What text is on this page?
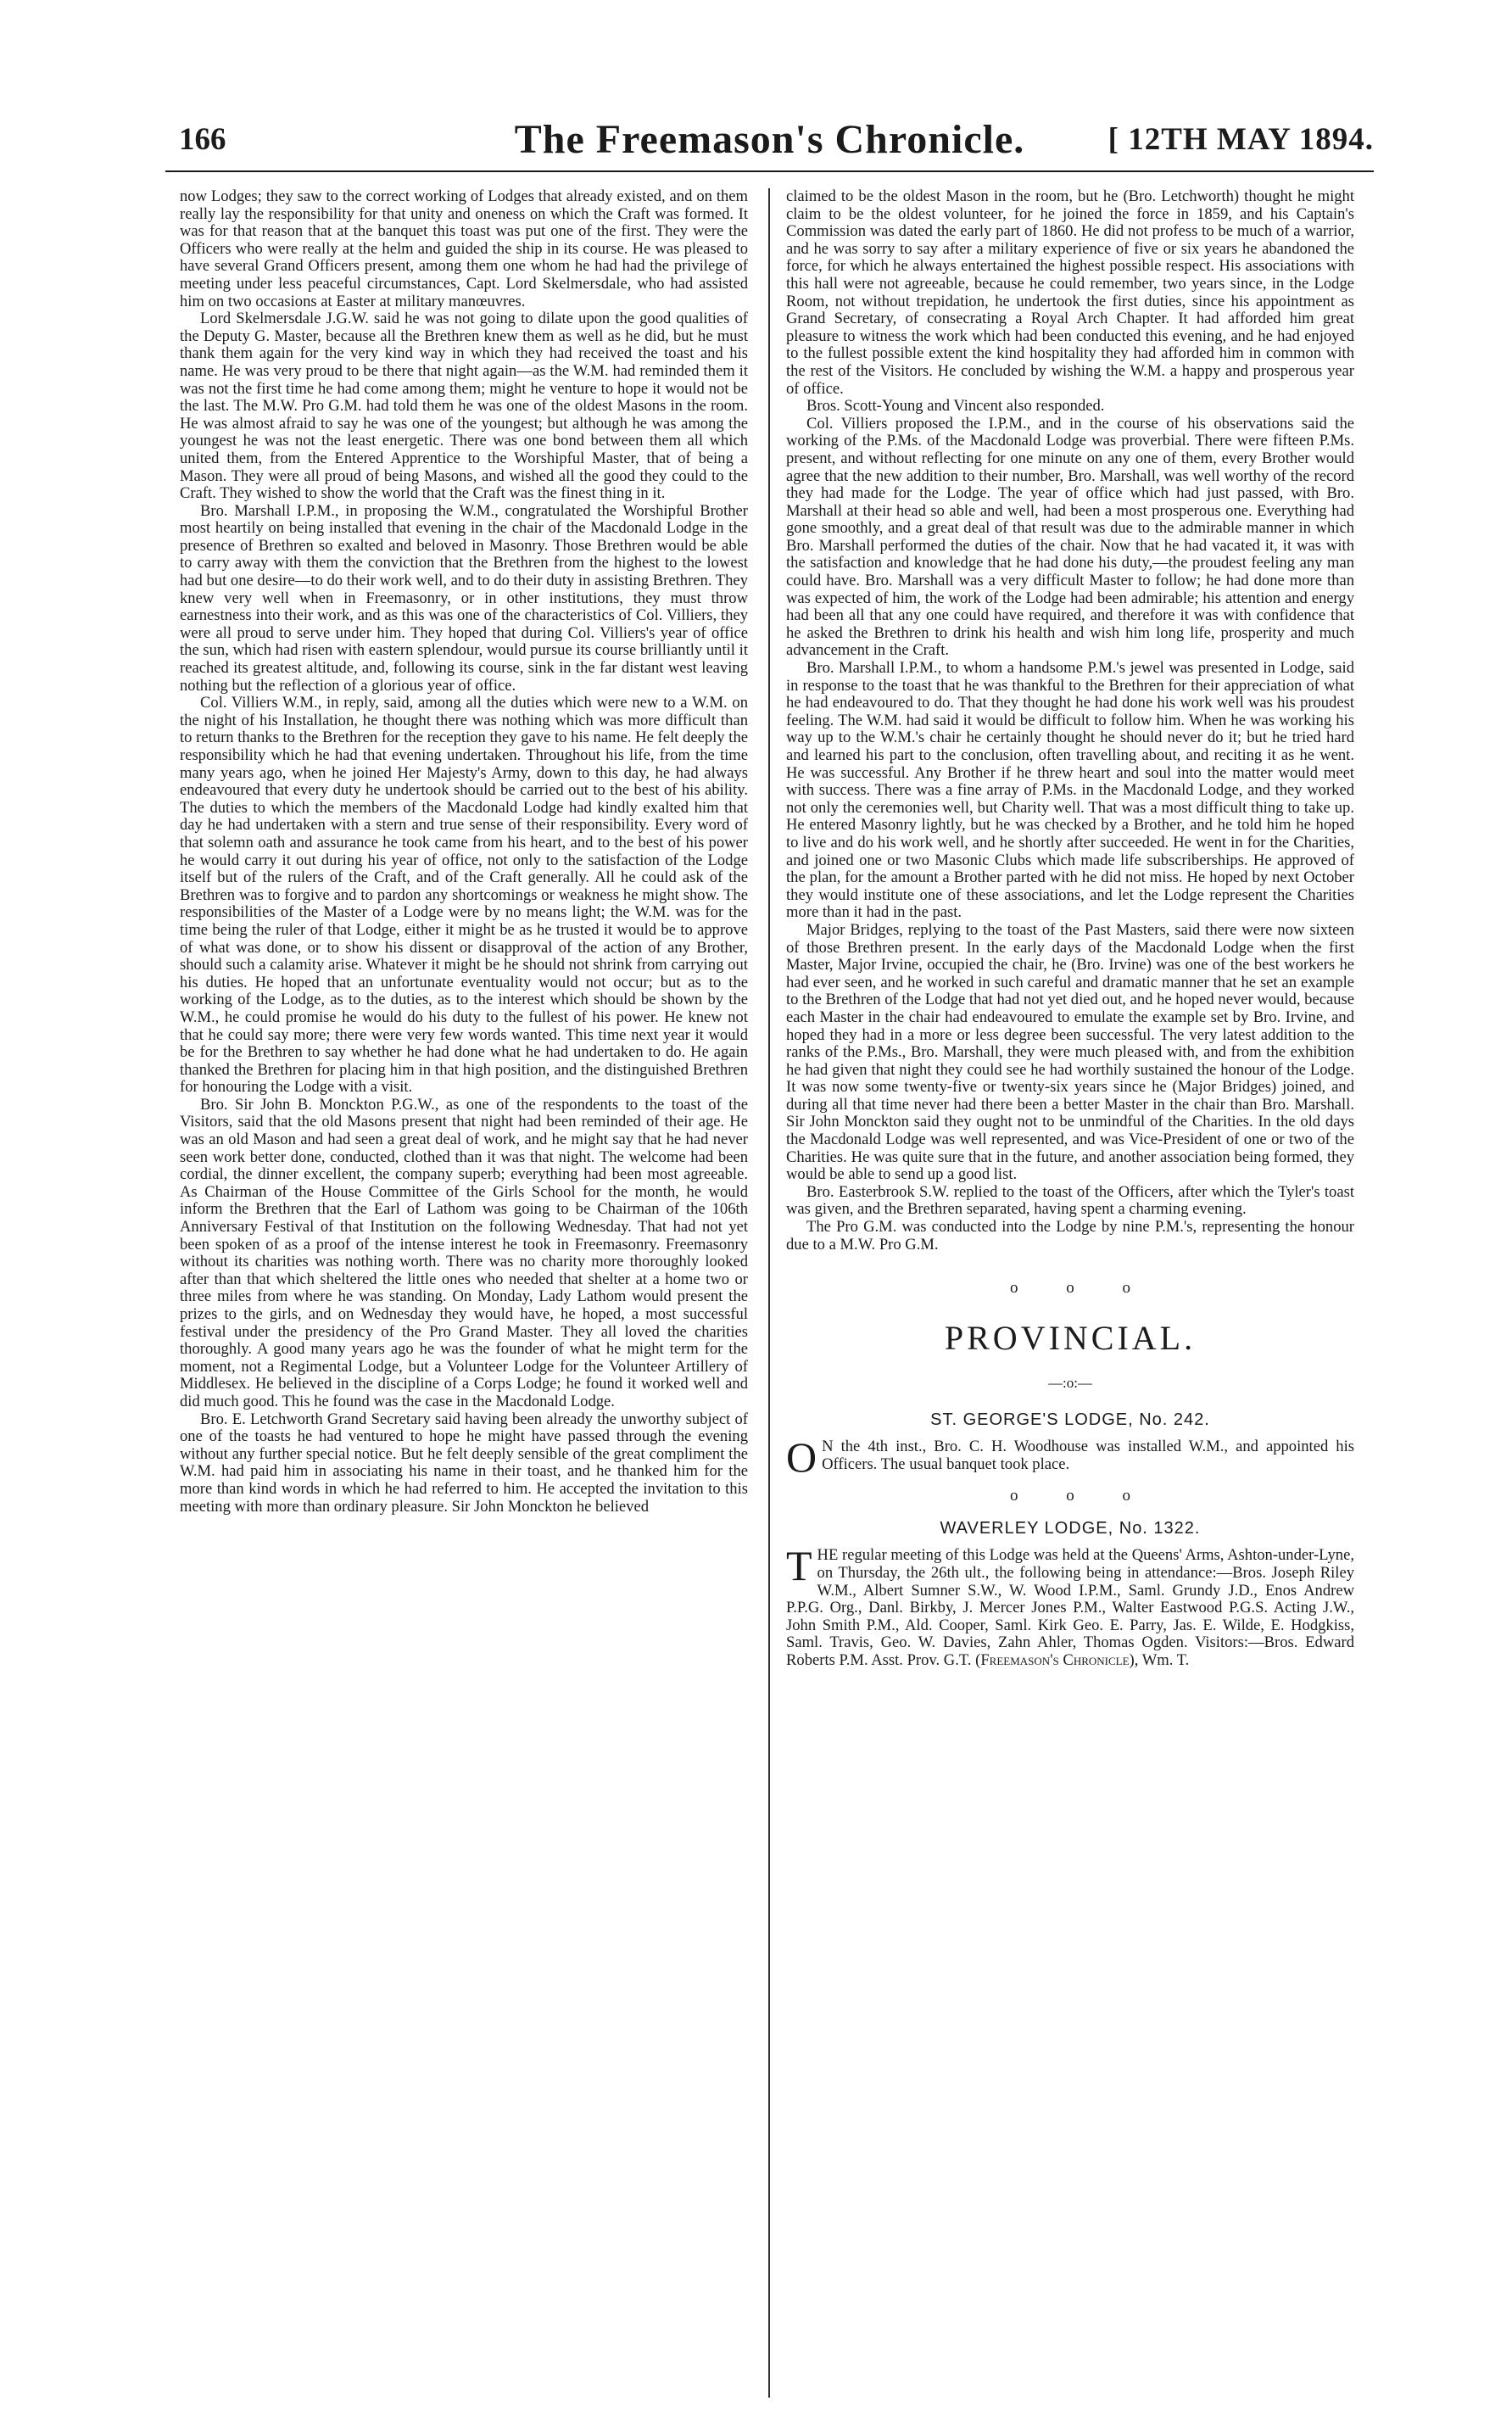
166	The Freemason's Chronicle.	[ 12TH MAY 1894.

now Lodges; they saw to the correct working of Lodges that already existed, and on them really lay the responsibility for that unity and oneness on which the Craft was formed. It was for that reason that at the banquet this toast was put one of the first. They were the Officers who were really at the helm and guided the ship in its course. He was pleased to have several Grand Officers present, among them one whom he had had the privilege of meeting under less peaceful circumstances, Capt. Lord Skelmersdale, who had assisted him on two occasions at Easter at military manœuvres.

Lord Skelmersdale J.G.W. said he was not going to dilate upon the good qualities of the Deputy G. Master, because all the Brethren knew them as well as he did, but he must thank them again for the very kind way in which they had received the toast and his name. He was very proud to be there that night again—as the W.M. had reminded them it was not the first time he had come among them; might he venture to hope it would not be the last. The M.W. Pro G.M. had told them he was one of the oldest Masons in the room. He was almost afraid to say he was one of the youngest; but although he was among the youngest he was not the least energetic. There was one bond between them all which united them, from the Entered Apprentice to the Worshipful Master, that of being a Mason. They were all proud of being Masons, and wished all the good they could to the Craft. They wished to show the world that the Craft was the finest thing in it.

Bro. Marshall I.P.M., in proposing the W.M., congratulated the Worshipful Brother most heartily on being installed that evening in the chair of the Macdonald Lodge in the presence of Brethren so exalted and beloved in Masonry. Those Brethren would be able to carry away with them the conviction that the Brethren from the highest to the lowest had but one desire—to do their work well, and to do their duty in assisting Brethren. They knew very well when in Freemasonry, or in other institutions, they must throw earnestness into their work, and as this was one of the characteristics of Col. Villiers, they were all proud to serve under him. They hoped that during Col. Villiers's year of office the sun, which had risen with eastern splendour, would pursue its course brilliantly until it reached its greatest altitude, and, following its course, sink in the far distant west leaving nothing but the reflection of a glorious year of office.

Col. Villiers W.M., in reply, said, among all the duties which were new to a W.M. on the night of his Installation, he thought there was nothing which was more difficult than to return thanks to the Brethren for the reception they gave to his name. He felt deeply the responsibility which he had that evening undertaken. Throughout his life, from the time many years ago, when he joined Her Majesty's Army, down to this day, he had always endeavoured that every duty he undertook should be carried out to the best of his ability. The duties to which the members of the Macdonald Lodge had kindly exalted him that day he had undertaken with a stern and true sense of their responsibility. Every word of that solemn oath and assurance he took came from his heart, and to the best of his power he would carry it out during his year of office, not only to the satisfaction of the Lodge itself but of the rulers of the Craft, and of the Craft generally. All he could ask of the Brethren was to forgive and to pardon any shortcomings or weakness he might show. The responsibilities of the Master of a Lodge were by no means light; the W.M. was for the time being the ruler of that Lodge, either it might be as he trusted it would be to approve of what was done, or to show his dissent or disapproval of the action of any Brother, should such a calamity arise. Whatever it might be he should not shrink from carrying out his duties. He hoped that an unfortunate eventuality would not occur; but as to the working of the Lodge, as to the duties, as to the interest which should be shown by the W.M., he could promise he would do his duty to the fullest of his power. He knew not that he could say more; there were very few words wanted. This time next year it would be for the Brethren to say whether he had done what he had undertaken to do. He again thanked the Brethren for placing him in that high position, and the distinguished Brethren for honouring the Lodge with a visit.

Bro. Sir John B. Monckton P.G.W., as one of the respondents to the toast of the Visitors, said that the old Masons present that night had been reminded of their age. He was an old Mason and had seen a great deal of work, and he might say that he had never seen work better done, conducted, clothed than it was that night. The welcome had been cordial, the dinner excellent, the company superb; everything had been most agreeable. As Chairman of the House Committee of the Girls School for the month, he would inform the Brethren that the Earl of Lathom was going to be Chairman of the 106th Anniversary Festival of that Institution on the following Wednesday. That had not yet been spoken of as a proof of the intense interest he took in Freemasonry. Freemasonry without its charities was nothing worth. There was no charity more thoroughly looked after than that which sheltered the little ones who needed that shelter at a home two or three miles from where he was standing. On Monday, Lady Lathom would present the prizes to the girls, and on Wednesday they would have, he hoped, a most successful festival under the presidency of the Pro Grand Master. They all loved the charities thoroughly. A good many years ago he was the founder of what he might term for the moment, not a Regimental Lodge, but a Volunteer Lodge for the Volunteer Artillery of Middlesex. He believed in the discipline of a Corps Lodge; he found it worked well and did much good. This he found was the case in the Macdonald Lodge.

Bro. E. Letchworth Grand Secretary said having been already the unworthy subject of one of the toasts he had ventured to hope he might have passed through the evening without any further special notice. But he felt deeply sensible of the great compliment the W.M. had paid him in associating his name in their toast, and he thanked him for the more than kind words in which he had referred to him. He accepted the invitation to this meeting with more than ordinary pleasure. Sir John Monckton he believed

claimed to be the oldest Mason in the room, but he (Bro. Letchworth) thought he might claim to be the oldest volunteer, for he joined the force in 1859, and his Captain's Commission was dated the early part of 1860. He did not profess to be much of a warrior, and he was sorry to say after a military experience of five or six years he abandoned the force, for which he always entertained the highest possible respect. His associations with this hall were not agreeable, because he could remember, two years since, in the Lodge Room, not without trepidation, he undertook the first duties, since his appointment as Grand Secretary, of consecrating a Royal Arch Chapter. It had afforded him great pleasure to witness the work which had been conducted this evening, and he had enjoyed to the fullest possible extent the kind hospitality they had afforded him in common with the rest of the Visitors. He concluded by wishing the W.M. a happy and prosperous year of office.

Bros. Scott-Young and Vincent also responded.

Col. Villiers proposed the I.P.M., and in the course of his observations said the working of the P.Ms. of the Macdonald Lodge was proverbial. There were fifteen P.Ms. present, and without reflecting for one minute on any one of them, every Brother would agree that the new addition to their number, Bro. Marshall, was well worthy of the record they had made for the Lodge. The year of office which had just passed, with Bro. Marshall at their head so able and well, had been a most prosperous one. Everything had gone smoothly, and a great deal of that result was due to the admirable manner in which Bro. Marshall performed the duties of the chair. Now that he had vacated it, it was with the satisfaction and knowledge that he had done his duty,—the proudest feeling any man could have. Bro. Marshall was a very difficult Master to follow; he had done more than was expected of him, the work of the Lodge had been admirable; his attention and energy had been all that any one could have required, and therefore it was with confidence that he asked the Brethren to drink his health and wish him long life, prosperity and much advancement in the Craft.

Bro. Marshall I.P.M., to whom a handsome P.M.'s jewel was presented in Lodge, said in response to the toast that he was thankful to the Brethren for their appreciation of what he had endeavoured to do. That they thought he had done his work well was his proudest feeling. The W.M. had said it would be difficult to follow him. When he was working his way up to the W.M.'s chair he certainly thought he should never do it; but he tried hard and learned his part to the conclusion, often travelling about, and reciting it as he went. He was successful. Any Brother if he threw heart and soul into the matter would meet with success. There was a fine array of P.Ms. in the Macdonald Lodge, and they worked not only the ceremonies well, but Charity well. That was a most difficult thing to take up. He entered Masonry lightly, but he was checked by a Brother, and he told him he hoped to live and do his work well, and he shortly after succeeded. He went in for the Charities, and joined one or two Masonic Clubs which made life subscriberships. He approved of the plan, for the amount a Brother parted with he did not miss. He hoped by next October they would institute one of these associations, and let the Lodge represent the Charities more than it had in the past.

Major Bridges, replying to the toast of the Past Masters, said there were now sixteen of those Brethren present. In the early days of the Macdonald Lodge when the first Master, Major Irvine, occupied the chair, he (Bro. Irvine) was one of the best workers he had ever seen, and he worked in such careful and dramatic manner that he set an example to the Brethren of the Lodge that had not yet died out, and he hoped never would, because each Master in the chair had endeavoured to emulate the example set by Bro. Irvine, and hoped they had in a more or less degree been successful. The very latest addition to the ranks of the P.Ms., Bro. Marshall, they were much pleased with, and from the exhibition he had given that night they could see he had worthily sustained the honour of the Lodge. It was now some twenty-five or twenty-six years since he (Major Bridges) joined, and during all that time never had there been a better Master in the chair than Bro. Marshall. Sir John Monckton said they ought not to be unmindful of the Charities. In the old days the Macdonald Lodge was well represented, and was Vice-President of one or two of the Charities. He was quite sure that in the future, and another association being formed, they would be able to send up a good list.

Bro. Easterbrook S.W. replied to the toast of the Officers, after which the Tyler's toast was given, and the Brethren separated, having spent a charming evening.

The Pro G.M. was conducted into the Lodge by nine P.M.'s, representing the honour due to a M.W. Pro G.M.

o o o
PROVINCIAL.
—:o:—
ST. GEORGE'S LODGE, No. 242.

O N the 4th inst., Bro. C. H. Woodhouse was installed W.M., and appointed his Officers. The usual banquet took place.

o o o
WAVERLEY LODGE, No. 1322.

THE regular meeting of this Lodge was held at the Queens' Arms, Ashton-under-Lyne, on Thursday, the 26th ult., the following being in attendance:—Bros. Joseph Riley W.M., Albert Sumner S.W., W. Wood I.P.M., Saml. Grundy J.D., Enos Andrew P.P.G. Org., Danl. Birkby, J. Mercer Jones P.M., Walter Eastwood P.G.S. Acting J.W., John Smith P.M., Ald. Cooper, Saml. Kirk Geo. E. Parry, Jas. E. Wilde, E. Hodgkiss, Saml. Travis, Geo. W. Davies, Zahn Ahler, Thomas Ogden. Visitors:—Bros. Edward Roberts P.M. Asst. Prov. G.T. (Freemason's Chronicle), Wm. T.
